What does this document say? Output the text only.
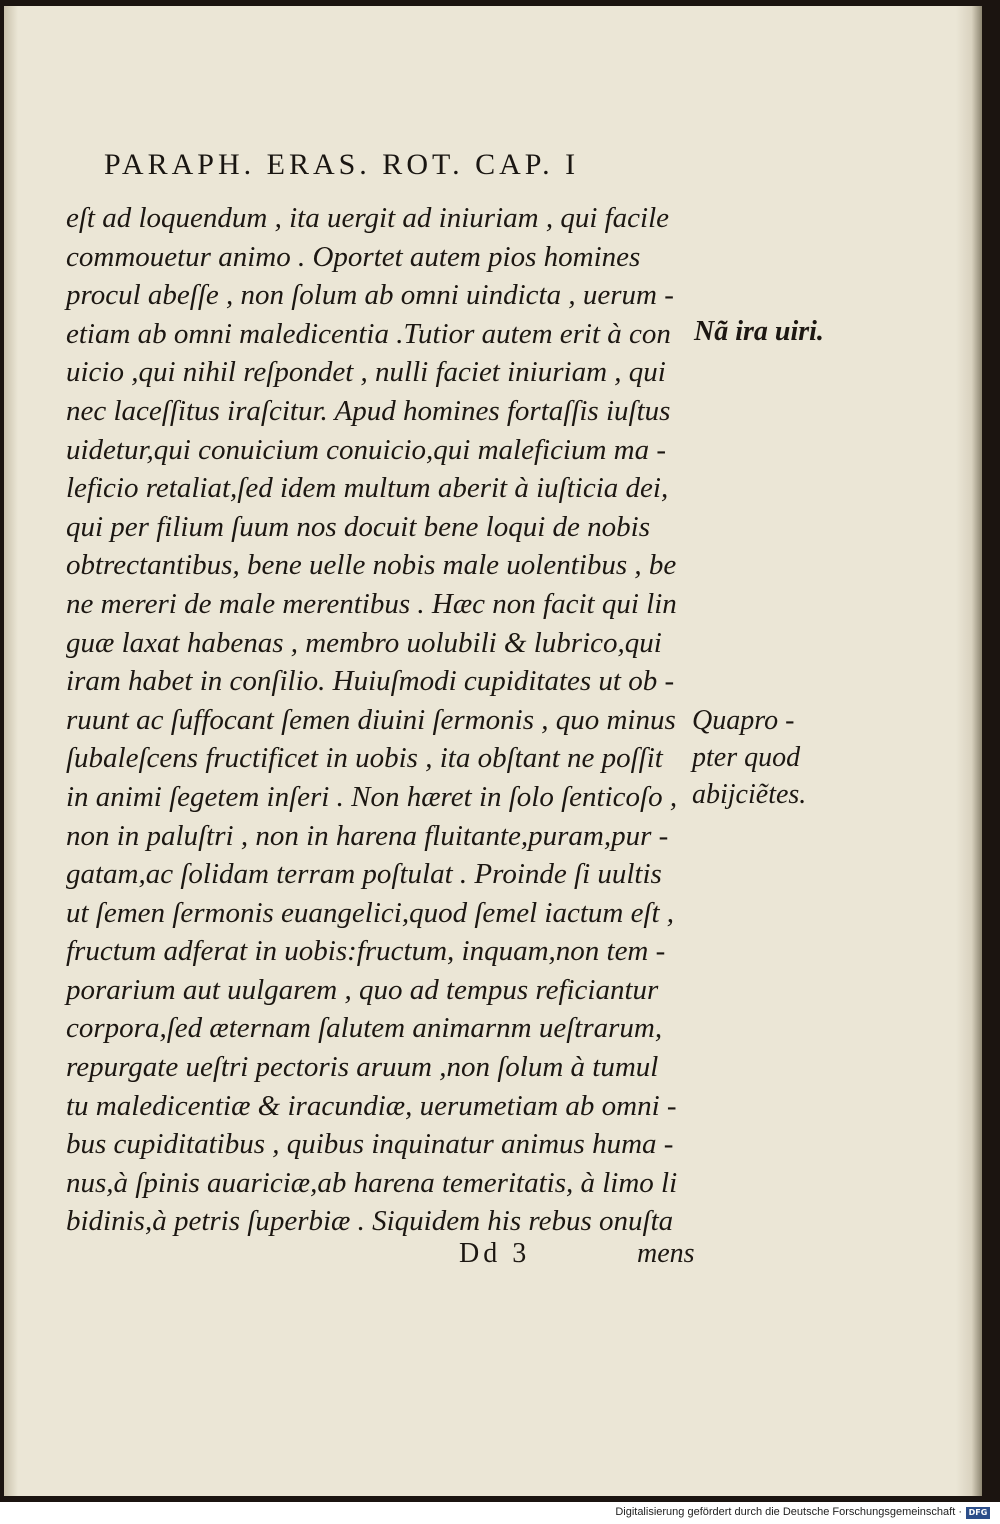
PARAPH. ERAS. ROT. CAP. I
eſt ad loquendum , ita uergit ad iniuriam , qui facile
commouetur animo . Oportet autem pios homines
procul abeſſe , non ſolum ab omni uindicta , uerum -
etiam ab omni maledicentia .Tutior autem erit à con
uicio ,qui nihil reſpondet , nulli faciet iniuriam , qui
nec laceſſitus iraſcitur. Apud homines fortaſſis iuſtus
uidetur,qui conuicium conuicio,qui maleficium ma -
leficio retaliat,ſed idem multum aberit à iuſticia dei,
qui per filium ſuum nos docuit bene loqui de nobis
obtrectantibus, bene uelle nobis male uolentibus , be
ne mereri de male merentibus . Hæc non facit qui lin
guæ laxat habenas , membro uolubili & lubrico,qui
iram habet in conſilio. Huiuſmodi cupiditates ut ob -
ruunt ac ſuffocant ſemen diuini ſermonis , quo minus
ſubaleſcens fructificet in uobis , ita obſtant ne poſſit
in animi ſegetem inſeri . Non hæret in ſolo ſenticoſo ,
non in paluſtri , non in harena fluitante,puram,pur -
gatam,ac ſolidam terram poſtulat . Proinde ſi uultis
ut ſemen ſermonis euangelici,quod ſemel iactum eſt ,
fructum adferat in uobis:fructum, inquam,non tem -
porarium aut uulgarem , quo ad tempus reficiantur
corpora,ſed æternam ſalutem animarnm ueſtrarum,
repurgate ueſtri pectoris aruum ,non ſolum à tumul
tu maledicentiæ & iracundiæ, uerumetiam ab omni -
bus cupiditatibus , quibus inquinatur animus huma -
nus,à ſpinis auariciæ,ab harena temeritatis, à limo li
bidinis,à petris ſuperbiæ . Siquidem his rebus onuſta
Nã ira uiri.
Quapro -
pter quod
abijciẽtes.
Dd 3	mens
Digitalisierung gefördert durch die Deutsche Forschungsgemeinschaft · DFG
